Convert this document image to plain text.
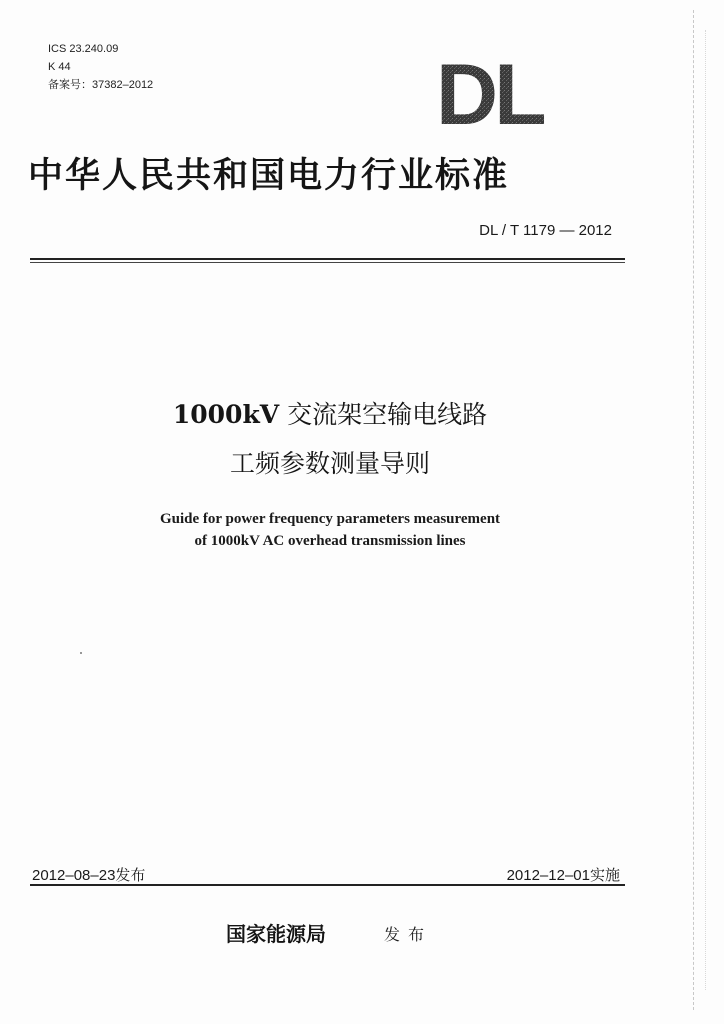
ICS 23.240.09
K 44
备案号：37382–2012	DL
中华人民共和国电力行业标准
DL / T 1179 — 2012
1000kV 交流架空输电线路
工频参数测量导则
Guide for power frequency parameters measurement
of 1000kV AC overhead transmission lines
2012–08–23发布	2012–12–01实施
国家能源局	发布
